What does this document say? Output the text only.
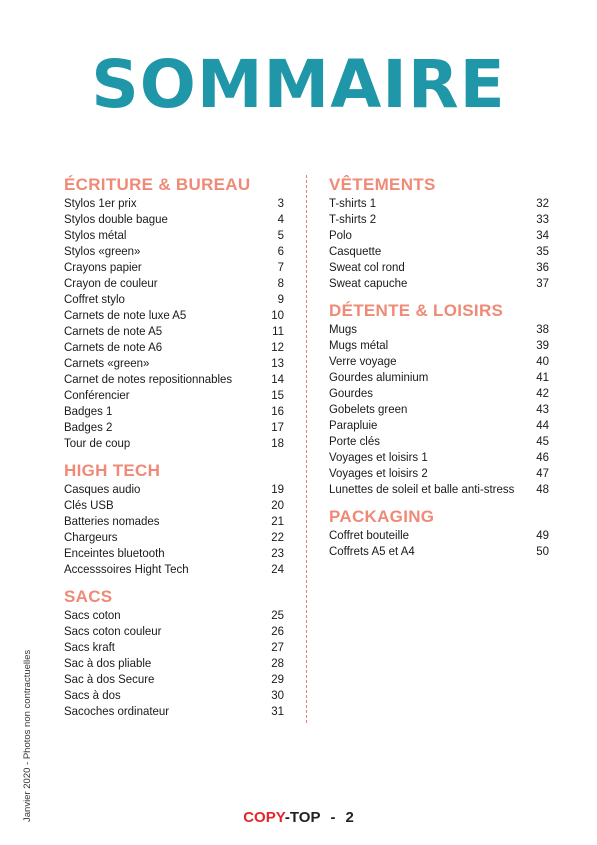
SOMMAIRE
ÉCRITURE & BUREAU
Stylos 1er prix	3
Stylos double bague	4
Stylos métal	5
Stylos «green»	6
Crayons papier	7
Crayon de couleur	8
Coffret stylo	9
Carnets de note luxe A5	10
Carnets de note A5	11
Carnets de note A6	12
Carnets «green»	13
Carnet de notes repositionnables	14
Conférencier	15
Badges 1	16
Badges 2	17
Tour de coup	18
HIGH TECH
Casques audio	19
Clés USB	20
Batteries nomades	21
Chargeurs	22
Enceintes bluetooth	23
Accesssoires Hight Tech	24
SACS
Sacs coton	25
Sacs coton couleur	26
Sacs kraft	27
Sac à dos pliable	28
Sac à dos Secure	29
Sacs à dos	30
Sacoches ordinateur	31
VÊTEMENTS
T-shirts 1	32
T-shirts 2	33
Polo	34
Casquette	35
Sweat col rond	36
Sweat capuche	37
DÉTENTE & LOISIRS
Mugs	38
Mugs métal	39
Verre voyage	40
Gourdes aluminium	41
Gourdes	42
Gobelets green	43
Parapluie	44
Porte clés	45
Voyages et loisirs 1	46
Voyages et loisirs 2	47
Lunettes de soleil et balle anti-stress 48
PACKAGING
Coffret bouteille	49
Coffrets A5 et A4	50
Janvier 2020 - Photos non contractuelles	COPY-TOP - 2
